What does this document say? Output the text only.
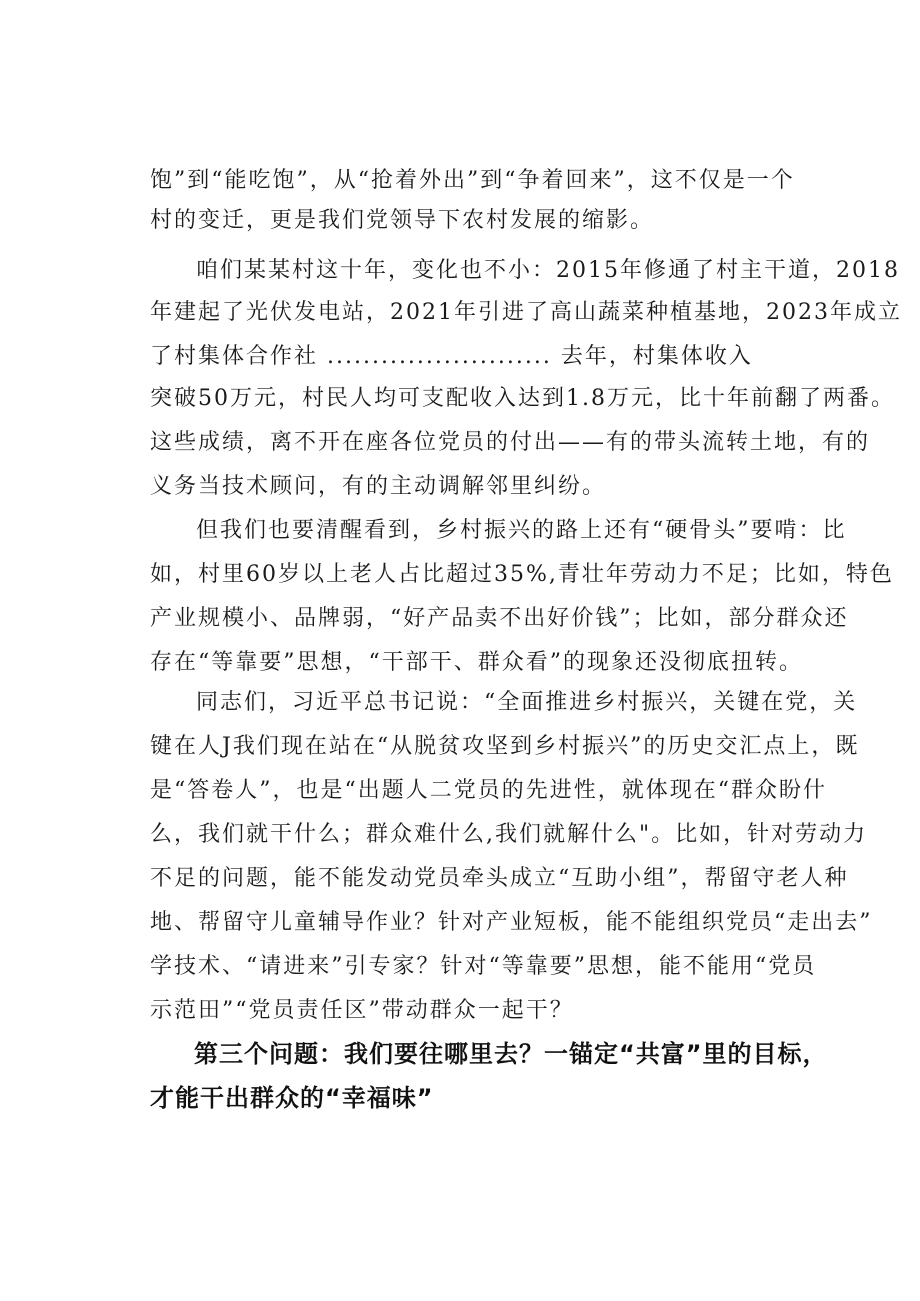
饱”到“能吃饱”，从“抢着外出”到“争着回来”，这不仅是一个
村的变迁，更是我们党领导下农村发展的缩影。
咱们某某村这十年，变化也不小：2015年修通了村主干道，2018
年建起了光伏发电站，2021年引进了高山蔬菜种植基地，2023年成立
了村集体合作社 ......................... 去年，村集体收入
突破50万元，村民人均可支配收入达到1.8万元，比十年前翻了两番。
这些成绩，离不开在座各位党员的付出——有的带头流转土地，有的
义务当技术顾问，有的主动调解邻里纠纷。
但我们也要清醒看到，乡村振兴的路上还有“硬骨头”要啃：比
如，村里60岁以上老人占比超过35%,青壮年劳动力不足；比如，特色
产业规模小、品牌弱，“好产品卖不出好价钱”；比如，部分群众还
存在“等靠要”思想，“干部干、群众看”的现象还没彻底扭转。
同志们，习近平总书记说：“全面推进乡村振兴，关键在党，关
键在人J我们现在站在“从脱贫攻坚到乡村振兴”的历史交汇点上，既
是“答卷人”，也是“出题人二党员的先进性，就体现在“群众盼什
么，我们就干什么；群众难什么,我们就解什么"。比如，针对劳动力
不足的问题，能不能发动党员牵头成立“互助小组”，帮留守老人种
地、帮留守儿童辅导作业？针对产业短板，能不能组织党员“走出去”
学技术、“请进来”引专家？针对“等靠要”思想，能不能用“党员
示范田”“党员责任区”带动群众一起干？
第三个问题：我们要往哪里去？一锚定“共富”里的目标，
才能干出群众的“幸福味”
